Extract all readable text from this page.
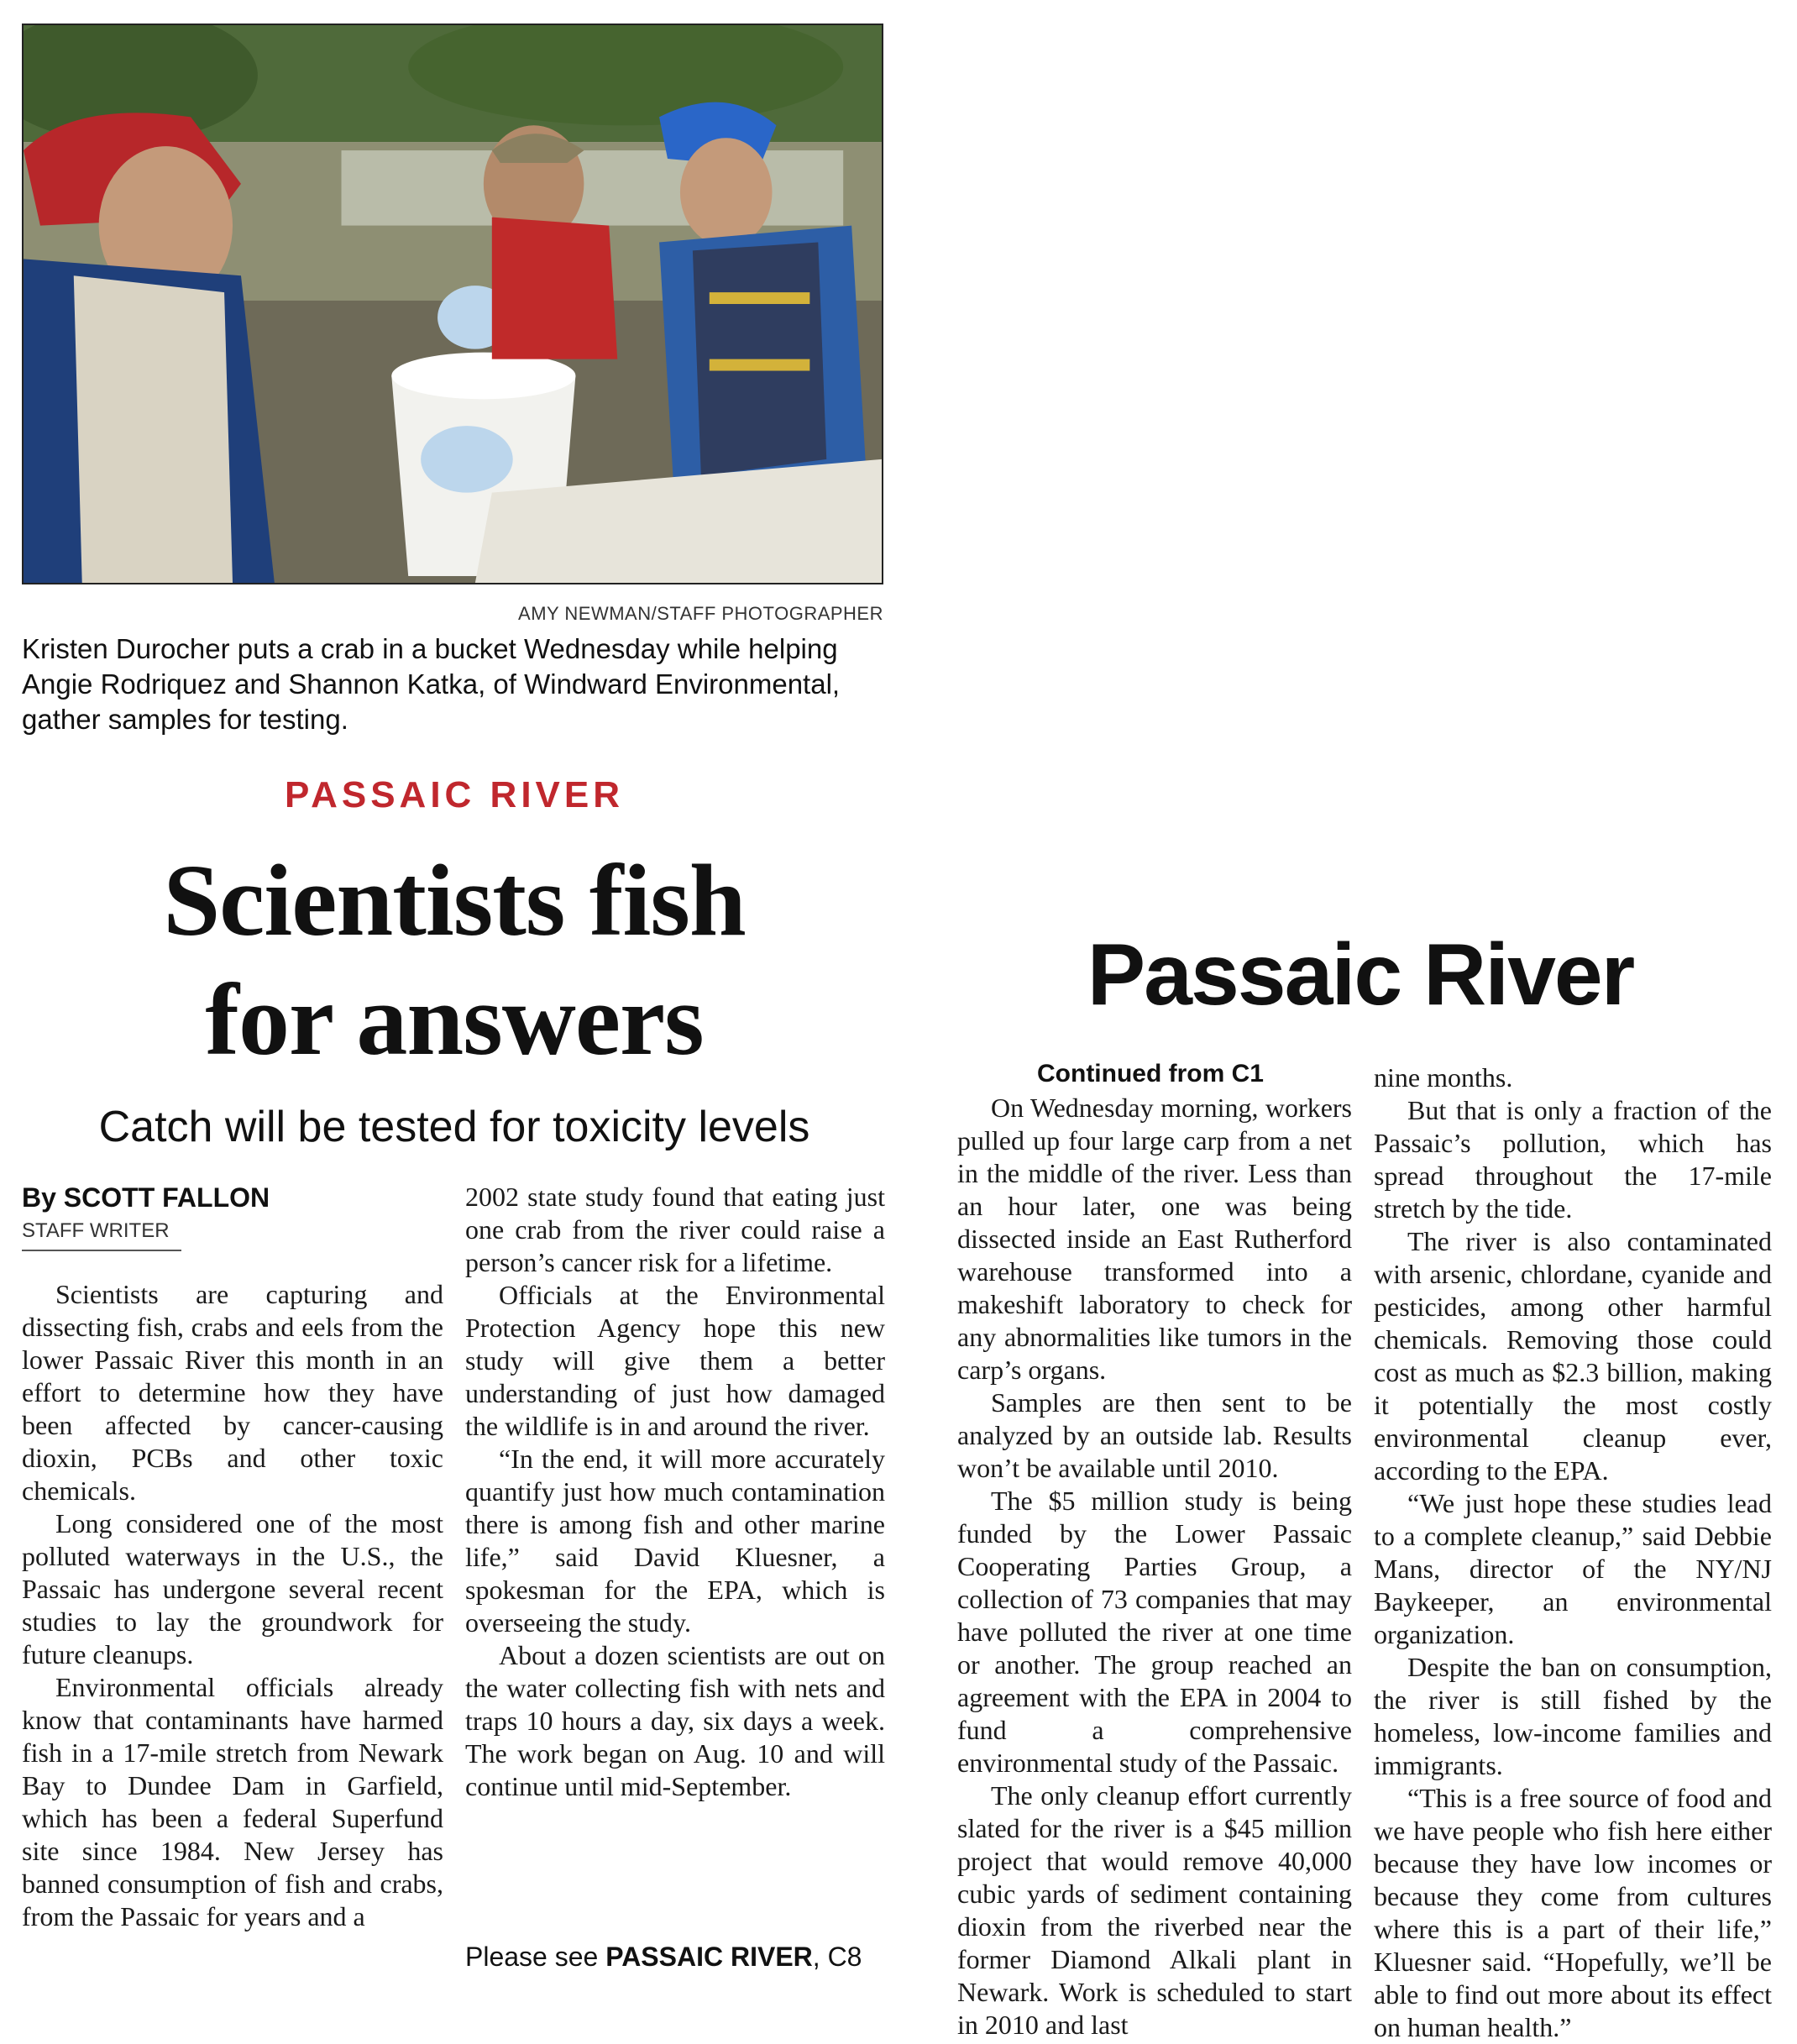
AMY NEWMAN/STAFF PHOTOGRAPHER
Kristen Durocher puts a crab in a bucket Wednesday while helping Angie Rodriquez and Shannon Katka, of Windward Environmental, gather samples for testing.
PASSAIC RIVER
Scientists fish
for answers
Catch will be tested for toxicity levels
By SCOTT FALLON
STAFF WRITER

Scientists are capturing and dissecting fish, crabs and eels from the lower Passaic River this month in an effort to determine how they have been affected by cancer-causing dioxin, PCBs and other toxic chemicals.

Long considered one of the most polluted waterways in the U.S., the Passaic has undergone several recent studies to lay the groundwork for future cleanups.

Environmental officials already know that contaminants have harmed fish in a 17-mile stretch from Newark Bay to Dundee Dam in Garfield, which has been a federal Superfund site since 1984. New Jersey has banned consumption of fish and crabs, from the Passaic for years and a

2002 state study found that eating just one crab from the river could raise a person’s cancer risk for a lifetime.

Officials at the Environmental Protection Agency hope this new study will give them a better understanding of just how damaged the wildlife is in and around the river.

“In the end, it will more accurately quantify just how much contamination there is among fish and other marine life,” said David Kluesner, a spokesman for the EPA, which is overseeing the study.

About a dozen scientists are out on the water collecting fish with nets and traps 10 hours a day, six days a week. The work began on Aug. 10 and will continue until mid-September.

Please see PASSAIC RIVER, C8
Passaic River
Continued from C1

On Wednesday morning, workers pulled up four large carp from a net in the middle of the river. Less than an hour later, one was being dissected inside an East Rutherford warehouse transformed into a makeshift laboratory to check for any abnormalities like tumors in the carp’s organs.

Samples are then sent to be analyzed by an outside lab. Results won’t be available until 2010.

The $5 million study is being funded by the Lower Passaic Cooperating Parties Group, a collection of 73 companies that may have polluted the river at one time or another. The group reached an agreement with the EPA in 2004 to fund a comprehensive environmental study of the Passaic.

The only cleanup effort currently slated for the river is a $45 million project that would remove 40,000 cubic yards of sediment containing dioxin from the riverbed near the former Diamond Alkali plant in Newark. Work is scheduled to start in 2010 and last

nine months.

But that is only a fraction of the Passaic’s pollution, which has spread throughout the 17-mile stretch by the tide.

The river is also contaminated with arsenic, chlordane, cyanide and pesticides, among other harmful chemicals. Removing those could cost as much as $2.3 billion, making it potentially the most costly environmental cleanup ever, according to the EPA.

“We just hope these studies lead to a complete cleanup,” said Debbie Mans, director of the NY/NJ Baykeeper, an environmental organization.

Despite the ban on consumption, the river is still fished by the homeless, low-income families and immigrants.

“This is a free source of food and we have people who fish here either because they have low incomes or because they come from cultures where this is a part of their life,” Kluesner said. “Hopefully, we’ll be able to find out more about its effect on human health.”
